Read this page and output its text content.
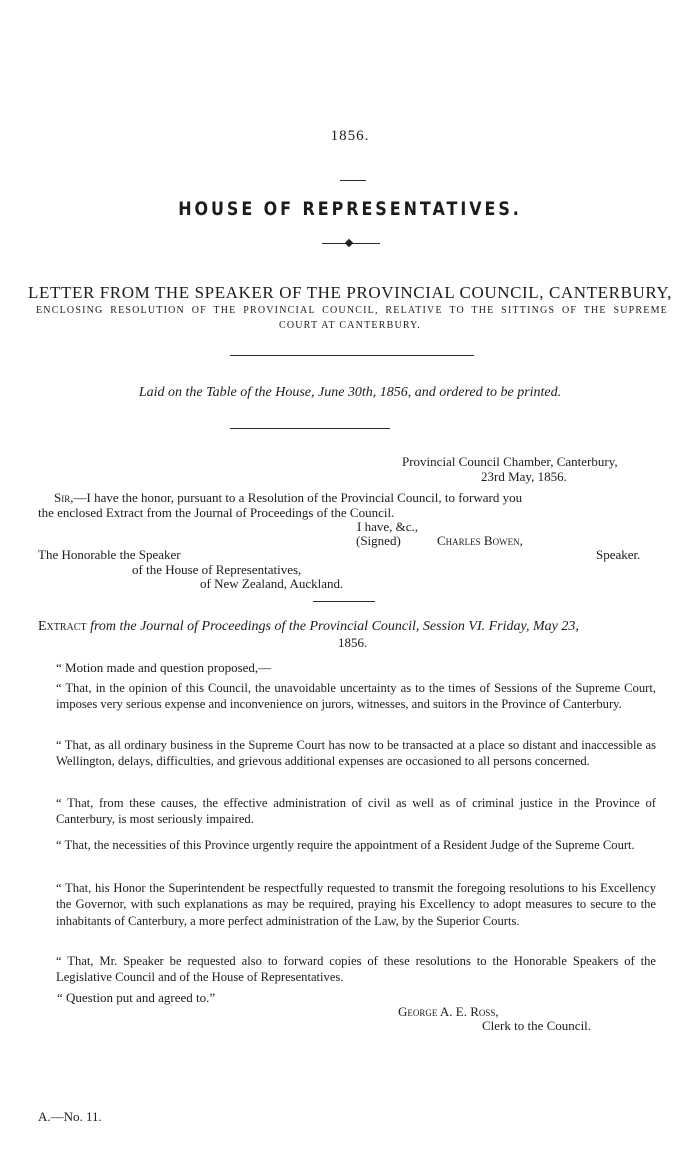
1856.
HOUSE OF REPRESENTATIVES.
LETTER FROM THE SPEAKER OF THE PROVINCIAL COUNCIL, CANTERBURY,
ENCLOSING RESOLUTION OF THE PROVINCIAL COUNCIL, RELATIVE TO THE SITTINGS OF THE SUPREME
COURT AT CANTERBURY.
Laid on the Table of the House, June 30th, 1856, and ordered to be printed.
Provincial Council Chamber, Canterbury,
23rd May, 1856.
Sir,—I have the honor, pursuant to a Resolution of the Provincial Council, to forward you
the enclosed Extract from the Journal of Proceedings of the Council.
I have, &c.,
(Signed)	Charles Bowen,
Speaker.
The Honorable the Speaker
of the House of Representatives,
of New Zealand, Auckland.
Extract from the Journal of Proceedings of the Provincial Council, Session VI. Friday, May 23,
1856.
“ Motion made and question proposed,—
“ That, in the opinion of this Council, the unavoidable uncertainty as to the times of Sessions of the Supreme Court, imposes very serious expense and inconvenience on jurors, witnesses, and suitors in the Province of Canterbury.
“ That, as all ordinary business in the Supreme Court has now to be transacted at a place so distant and inaccessible as Wellington, delays, difficulties, and grievous additional expenses are occasioned to all persons concerned.
“ That, from these causes, the effective administration of civil as well as of criminal justice in the Province of Canterbury, is most seriously impaired.
“ That, the necessities of this Province urgently require the appointment of a Resident Judge of the Supreme Court.
“ That, his Honor the Superintendent be respectfully requested to transmit the foregoing resolutions to his Excellency the Governor, with such explanations as may be required, praying his Excellency to adopt measures to secure to the inhabitants of Canterbury, a more perfect administration of the Law, by the Superior Courts.
“ That, Mr. Speaker be requested also to forward copies of these resolutions to the Honorable Speakers of the Legislative Council and of the House of Representatives.
“ Question put and agreed to.”
George A. E. Ross,
Clerk to the Council.
A.—No. 11.
